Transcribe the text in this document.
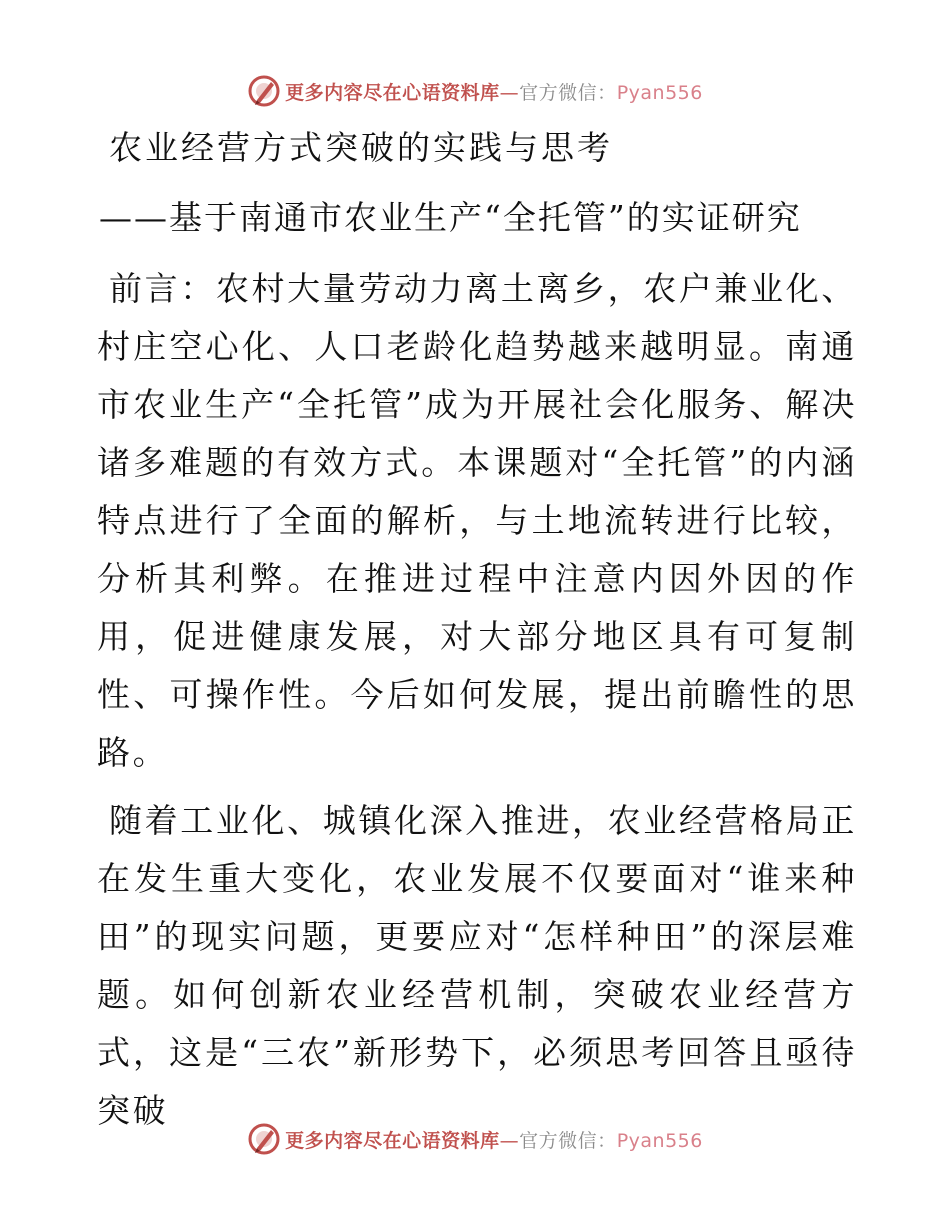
更多内容尽在心语资料库—官方微信：Pyan556
农业经营方式突破的实践与思考
——基于南通市农业生产“全托管”的实证研究

前言：农村大量劳动力离土离乡，农户兼业化、村庄空心化、人口老龄化趋势越来越明显。南通市农业生产“全托管”成为开展社会化服务、解决诸多难题的有效方式。本课题对“全托管”的内涵特点进行了全面的解析，与土地流转进行比较，分析其利弊。在推进过程中注意内因外因的作用，促进健康发展，对大部分地区具有可复制性、可操作性。今后如何发展，提出前瞻性的思路。

随着工业化、城镇化深入推进，农业经营格局正在发生重大变化，农业发展不仅要面对“谁来种田”的现实问题，更要应对“怎样种田”的深层难题。如何创新农业经营机制，突破农业经营方式，这是“三农”新形势下，必须思考回答且亟待突破

更多内容尽在心语资料库—官方微信：Pyan556
